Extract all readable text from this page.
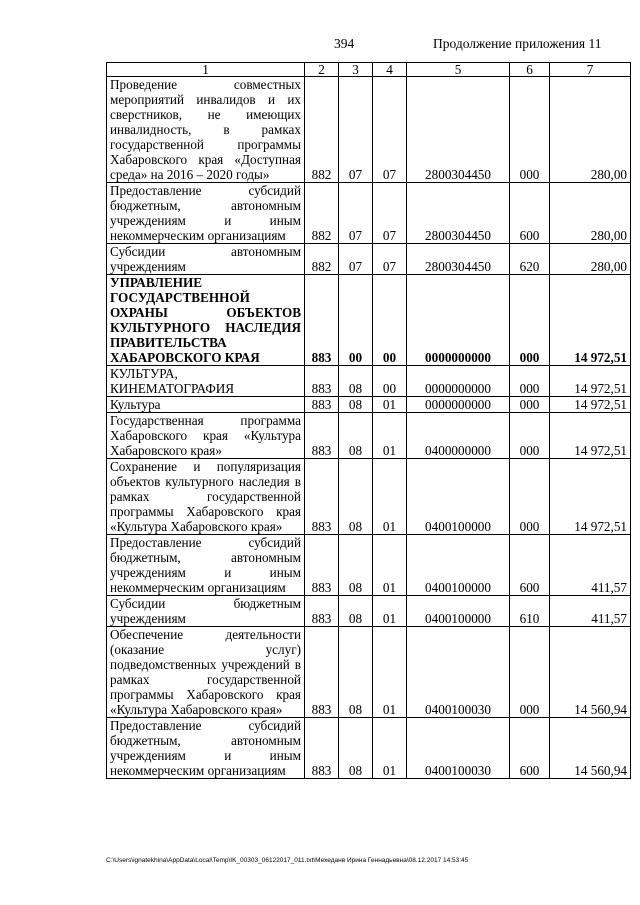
394	Продолжение приложения 11
1	2	3	4	5	6	7
Проведение совместных мероприятий инвалидов и их сверстников, не имеющих инвалидность, в рамках государственной программы Хабаровского края «Доступная среда» на 2016 – 2020 годы»	882	07	07	2800304450	000	280,00
Предоставление субсидий бюджетным, автономным учреждениям и иным некоммерческим организациям	882	07	07	2800304450	600	280,00
Субсидии автономным учреждениям	882	07	07	2800304450	620	280,00
УПРАВЛЕНИЕ ГОСУДАРСТВЕННОЙ ОХРАНЫ ОБЪЕКТОВ КУЛЬТУРНОГО НАСЛЕДИЯ ПРАВИТЕЛЬСТВА ХАБАРОВСКОГО КРАЯ	883	00	00	0000000000	000	14 972,51
КУЛЬТУРА, КИНЕМАТОГРАФИЯ	883	08	00	0000000000	000	14 972,51
Культура	883	08	01	0000000000	000	14 972,51
Государственная программа Хабаровского края «Культура Хабаровского края»	883	08	01	0400000000	000	14 972,51
Сохранение и популяризация объектов культурного наследия в рамках государственной программы Хабаровского края «Культура Хабаровского края»	883	08	01	0400100000	000	14 972,51
Предоставление субсидий бюджетным, автономным учреждениям и иным некоммерческим организациям	883	08	01	0400100000	600	411,57
Субсидии бюджетным учреждениям	883	08	01	0400100000	610	411,57
Обеспечение деятельности (оказание услуг) подведомственных учреждений в рамках государственной программы Хабаровского края «Культура Хабаровского края»	883	08	01	0400100030	000	14 560,94
Предоставление субсидий бюджетным, автономным учреждениям и иным некоммерческим организациям	883	08	01	0400100030	600	14 560,94
C:\Users\ignatekhina\AppData\Local\Temp\IK_00303_06122017_011.txt\Мехеданв Ирина Геннадьевна\08.12.2017 14:53:45
